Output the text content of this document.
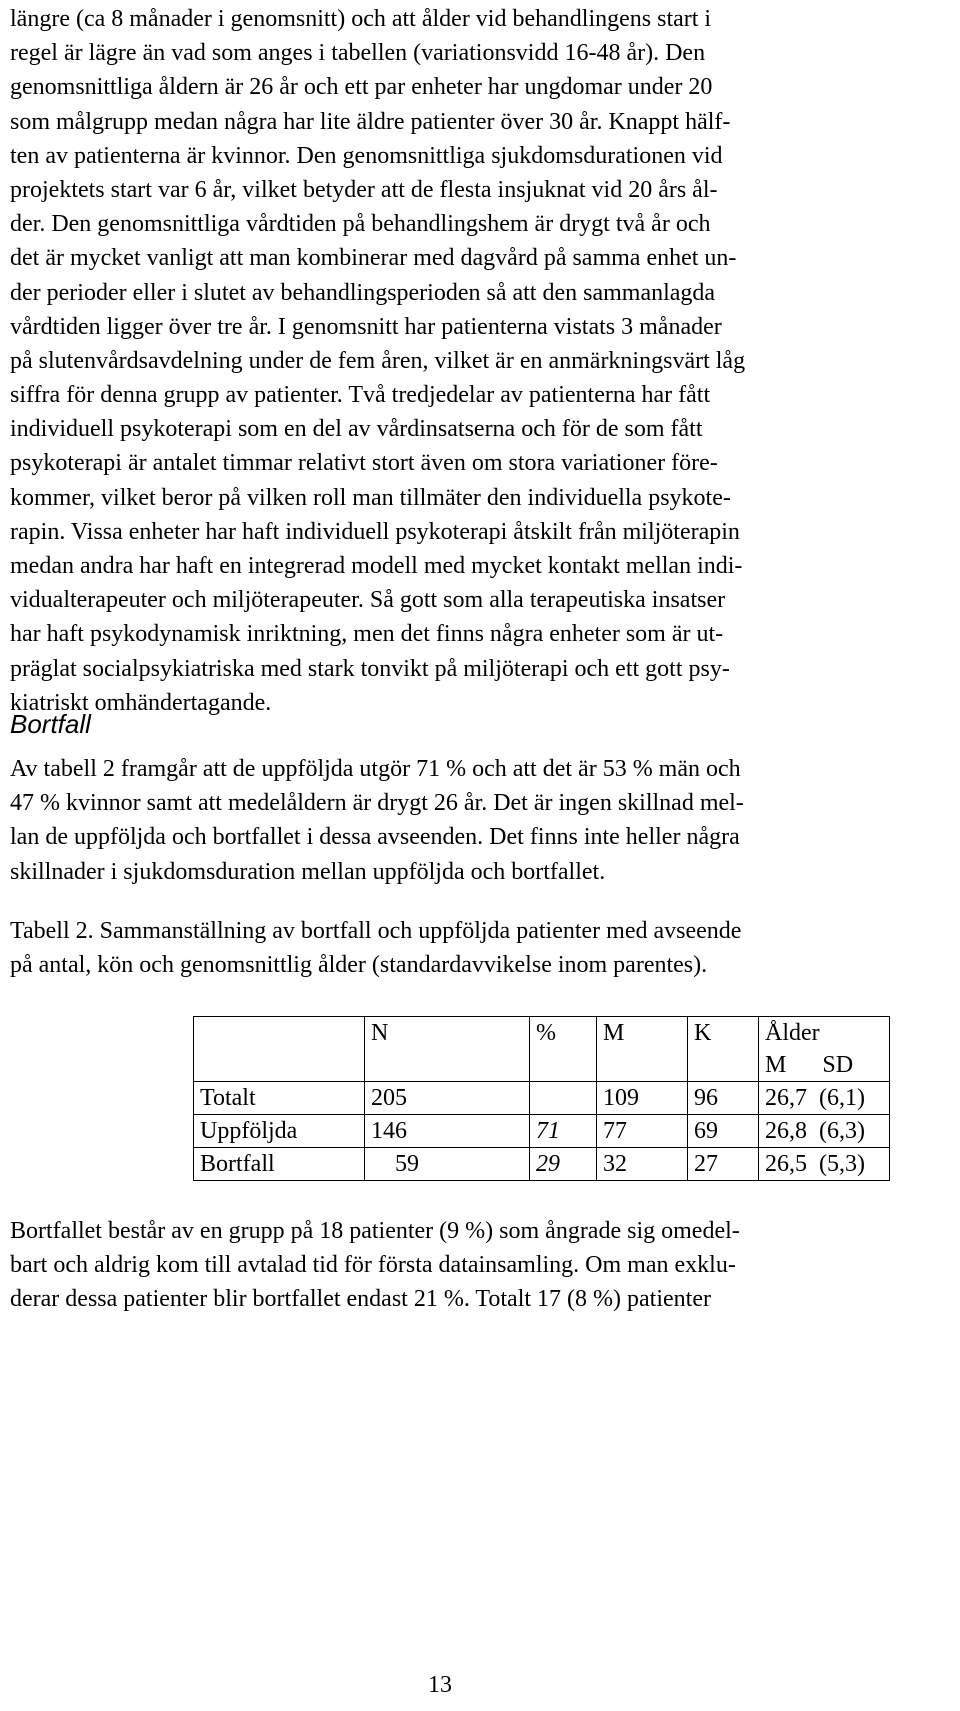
längre (ca 8 månader i genomsnitt) och att ålder vid behandlingens start i
regel är lägre än vad som anges i tabellen (variationsvidd 16-48 år). Den
genomsnittliga åldern är 26 år och ett par enheter har ungdomar under 20
som målgrupp medan några har lite äldre patienter över 30 år. Knappt hälf-
ten av patienterna är kvinnor. Den genomsnittliga sjukdomsdurationen vid
projektets start var 6 år, vilket betyder att de flesta insjuknat vid 20 års ål-
der. Den genomsnittliga vårdtiden på behandlingshem är drygt två år och
det är mycket vanligt att man kombinerar med dagvård på samma enhet un-
der perioder eller i slutet av behandlingsperioden så att den sammanlagda
vårdtiden ligger över tre år. I genomsnitt har patienterna vistats 3 månader
på slutenvårdsavdelning under de fem åren, vilket är en anmärkningsvärt låg
siffra för denna grupp av patienter. Två tredjedelar av patienterna har fått
individuell psykoterapi som en del av vårdinsatserna och för de som fått
psykoterapi är antalet timmar relativt stort även om stora variationer före-
kommer, vilket beror på vilken roll man tillmäter den individuella psykote-
rapin. Vissa enheter har haft individuell psykoterapi åtskilt från miljöterapin
medan andra har haft en integrerad modell med mycket kontakt mellan indi-
vidualterapeuter och miljöterapeuter. Så gott som alla terapeutiska insatser
har haft psykodynamisk inriktning, men det finns några enheter som är ut-
präglat socialpsykiatriska med stark tonvikt på miljöterapi och ett gott psy-
kiatriskt omhändertagande.
Bortfall
Av tabell 2 framgår att de uppföljda utgör 71 % och att det är 53 % män och
47 % kvinnor samt att medelåldern är drygt 26 år. Det är ingen skillnad mel-
lan de uppföljda och bortfallet i dessa avseenden. Det finns inte heller några
skillnader i sjukdomsduration mellan uppföljda och bortfallet.
Tabell 2. Sammanställning av bortfall och uppföljda patienter med avseende
på antal, kön och genomsnittlig ålder (standardavvikelse inom parentes).
	N	%	M	K	Ålder
M      SD

Totalt	205		109	96	26,7 (6,1)
Uppföljda	146	71	77	69	26,8 (6,3)
Bortfall	59	29	32	27	26,5 (5,3)
Bortfallet består av en grupp på 18 patienter (9 %) som ångrade sig omedel-
bart och aldrig kom till avtalad tid för första datainsamling. Om man exklu-
derar dessa patienter blir bortfallet endast 21 %. Totalt 17 (8 %) patienter
13
